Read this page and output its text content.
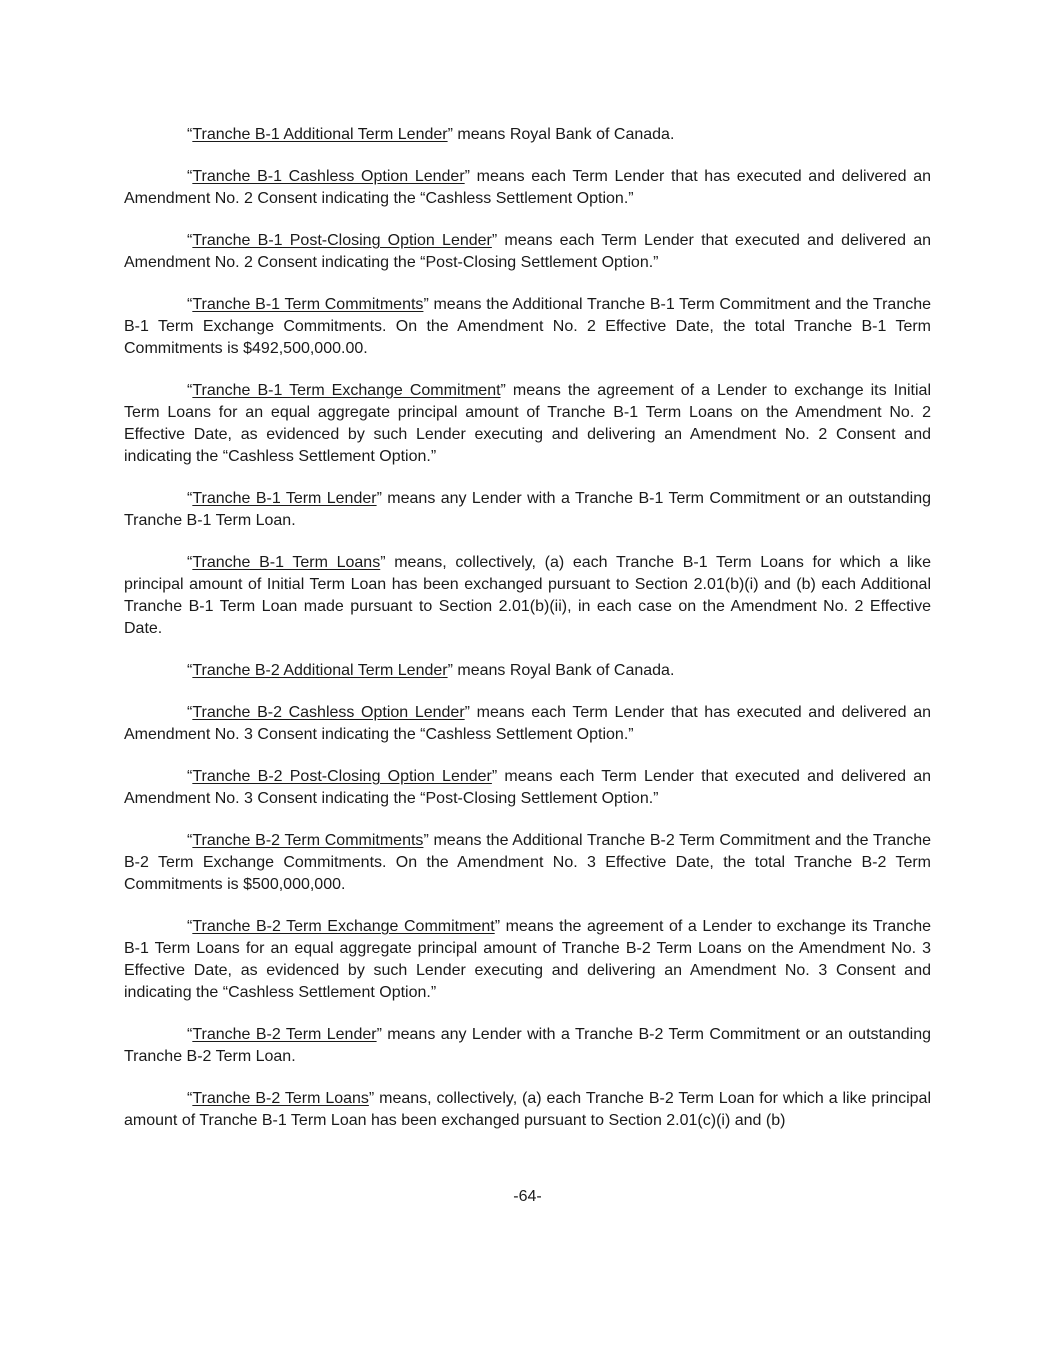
“Tranche B-1 Additional Term Lender” means Royal Bank of Canada.

“Tranche B-1 Cashless Option Lender” means each Term Lender that has executed and delivered an Amendment No. 2 Consent indicating the “Cashless Settlement Option.”

“Tranche B-1 Post-Closing Option Lender” means each Term Lender that executed and delivered an Amendment No. 2 Consent indicating the “Post-Closing Settlement Option.”

“Tranche B-1 Term Commitments” means the Additional Tranche B-1 Term Commitment and the Tranche B-1 Term Exchange Commitments. On the Amendment No. 2 Effective Date, the total Tranche B-1 Term Commitments is $492,500,000.00.

“Tranche B-1 Term Exchange Commitment” means the agreement of a Lender to exchange its Initial Term Loans for an equal aggregate principal amount of Tranche B-1 Term Loans on the Amendment No. 2 Effective Date, as evidenced by such Lender executing and delivering an Amendment No. 2 Consent and indicating the “Cashless Settlement Option.”

“Tranche B-1 Term Lender” means any Lender with a Tranche B-1 Term Commitment or an outstanding Tranche B-1 Term Loan.

“Tranche B-1 Term Loans” means, collectively, (a) each Tranche B-1 Term Loans for which a like principal amount of Initial Term Loan has been exchanged pursuant to Section 2.01(b)(i) and (b) each Additional Tranche B-1 Term Loan made pursuant to Section 2.01(b)(ii), in each case on the Amendment No. 2 Effective Date.

“Tranche B-2 Additional Term Lender” means Royal Bank of Canada.

“Tranche B-2 Cashless Option Lender” means each Term Lender that has executed and delivered an Amendment No. 3 Consent indicating the “Cashless Settlement Option.”

“Tranche B-2 Post-Closing Option Lender” means each Term Lender that executed and delivered an Amendment No. 3 Consent indicating the “Post-Closing Settlement Option.”

“Tranche B-2 Term Commitments” means the Additional Tranche B-2 Term Commitment and the Tranche B-2 Term Exchange Commitments. On the Amendment No. 3 Effective Date, the total Tranche B-2 Term Commitments is $500,000,000.

“Tranche B-2 Term Exchange Commitment” means the agreement of a Lender to exchange its Tranche B-1 Term Loans for an equal aggregate principal amount of Tranche B-2 Term Loans on the Amendment No. 3 Effective Date, as evidenced by such Lender executing and delivering an Amendment No. 3 Consent and indicating the “Cashless Settlement Option.”

“Tranche B-2 Term Lender” means any Lender with a Tranche B-2 Term Commitment or an outstanding Tranche B-2 Term Loan.

“Tranche B-2 Term Loans” means, collectively, (a) each Tranche B-2 Term Loan for which a like principal amount of Tranche B-1 Term Loan has been exchanged pursuant to Section 2.01(c)(i) and (b)

-64-
